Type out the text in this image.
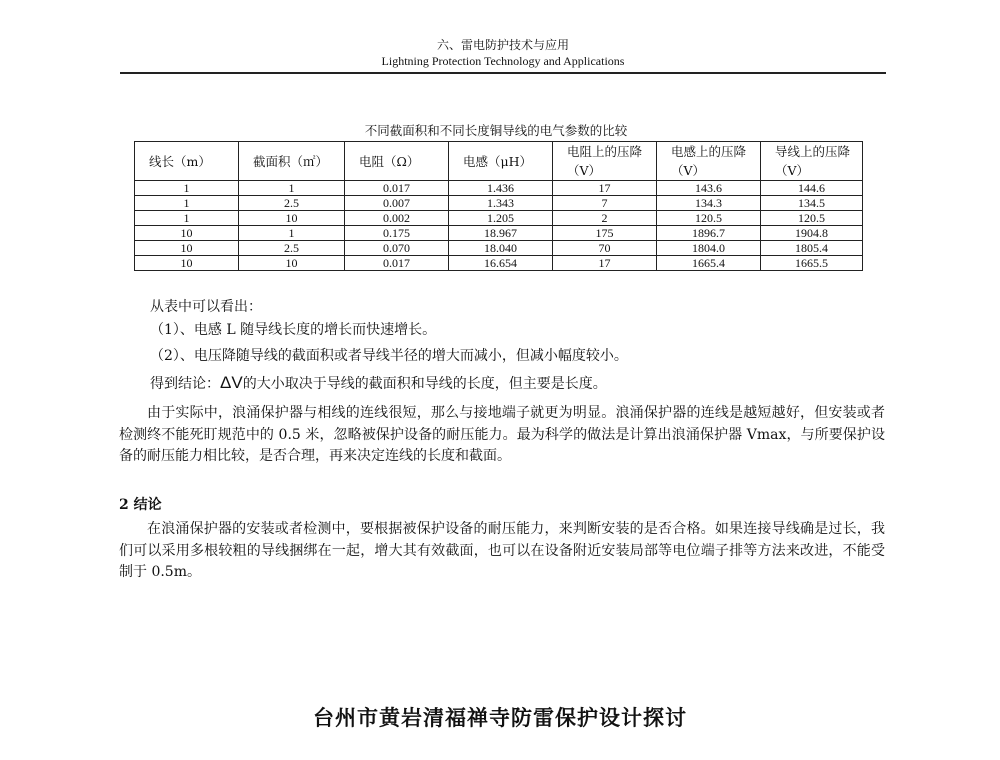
六、雷电防护技术与应用
Lightning Protection Technology and Applications
不同截面积和不同长度铜导线的电气参数的比较
线长（m）	截面积（㎡）	电阻（Ω）	电感（μH）	电阻上的压降（V）	电感上的压降（V）	导线上的压降（V）
1	1	0.017	1.436	17	143.6	144.6
1	2.5	0.007	1.343	7	134.3	134.5
1	10	0.002	1.205	2	120.5	120.5
10	1	0.175	18.967	175	1896.7	1904.8
10	2.5	0.070	18.040	70	1804.0	1805.4
10	10	0.017	16.654	17	1665.4	1665.5
从表中可以看出：
（1）、电感 L 随导线长度的增长而快速增长。
（2）、电压降随导线的截面积或者导线半径的增大而减小，但减小幅度较小。
得到结论：ΔV的大小取决于导线的截面积和导线的长度，但主要是长度。
由于实际中，浪涌保护器与相线的连线很短，那么与接地端子就更为明显。浪涌保护器的连线是越短越好，但安装或者检测终不能死盯规范中的 0.5 米，忽略被保护设备的耐压能力。最为科学的做法是计算出浪涌保护器 Vmax，与所要保护设备的耐压能力相比较，是否合理，再来决定连线的长度和截面。
2 结论
在浪涌保护器的安装或者检测中，要根据被保护设备的耐压能力，来判断安装的是否合格。如果连接导线确是过长，我们可以采用多根较粗的导线捆绑在一起，增大其有效截面，也可以在设备附近安装局部等电位端子排等方法来改进，不能受制于 0.5m。
台州市黄岩清福禅寺防雷保护设计探讨
